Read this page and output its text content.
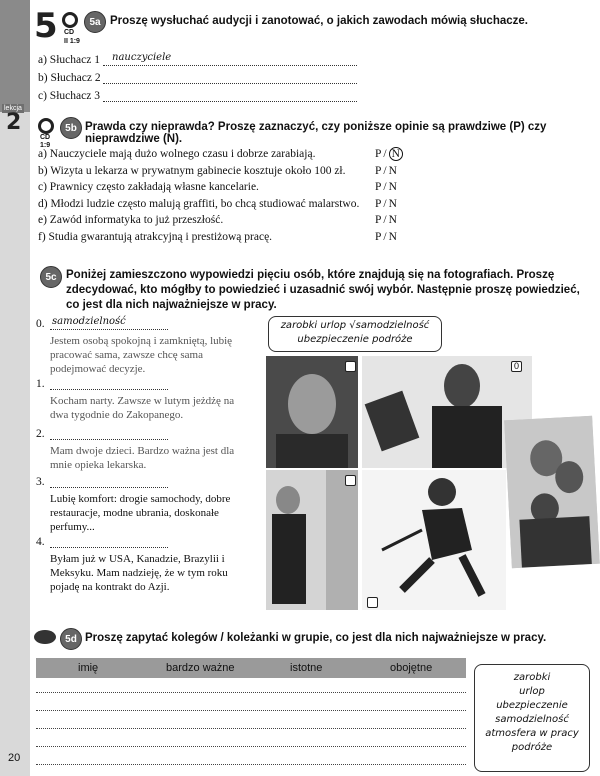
lekcja
5 CD
II 1:9
5a Proszę wysłuchać audycji i zanotować, o jakich zawodach mówią słuchacze.
a) Słuchacz 1 nauczyciele
b) Słuchacz 2
c) Słuchacz 3
2
CD
1:9
5b Prawda czy nieprawda? Proszę zaznaczyć, czy poniższe opinie są prawdziwe (P) czy nieprawdziwe (N).
a) Nauczyciele mają dużo wolnego czasu i dobrze zarabiają.	P / N
b) Wizyta u lekarza w prywatnym gabinecie kosztuje około 100 zł.	P / N
c) Prawnicy często zakładają własne kancelarie.	P / N
d) Młodzi ludzie często malują graffiti, bo chcą studiować malarstwo. P / N
e) Zawód informatyka to już przeszłość.	P / N
f) Studia gwarantują atrakcyjną i prestiżową pracę.	P / N
5c Poniżej zamieszczono wypowiedzi pięciu osób, które znajdują się na fotografiach. Proszę zdecydować, kto mógłby to powiedzieć i uzasadnić swój wybór. Następnie proszę powiedzieć, co jest dla nich najważniejsze w pracy.
zarobki urlop √samodzielność
ubezpieczenie podróże
0. samodzielność
Jestem osobą spokojną i zamkniętą, lubię pracować sama, zawsze chcę sama podejmować decyzje.
1.
Kocham narty. Zawsze w lutym jeżdżę na dwa tygodnie do Zakopanego.
2.
Mam dwoje dzieci. Bardzo ważna jest dla mnie opieka lekarska.
3.
Lubię komfort: drogie samochody, dobre restauracje, modne ubrania, doskonałe perfumy...
4.
Byłam już w USA, Kanadzie, Brazylii i Meksyku. Mam nadzieję, że w tym roku pojadę na kontrakt do Azji.
0
5d Proszę zapytać kolegów / koleżanki w grupie, co jest dla nich najważniejsze w pracy.
imię	bardzo ważne	istotne	obojętne
zarobki
urlop
ubezpieczenie
samodzielność
atmosfera w pracy
podróże
20
